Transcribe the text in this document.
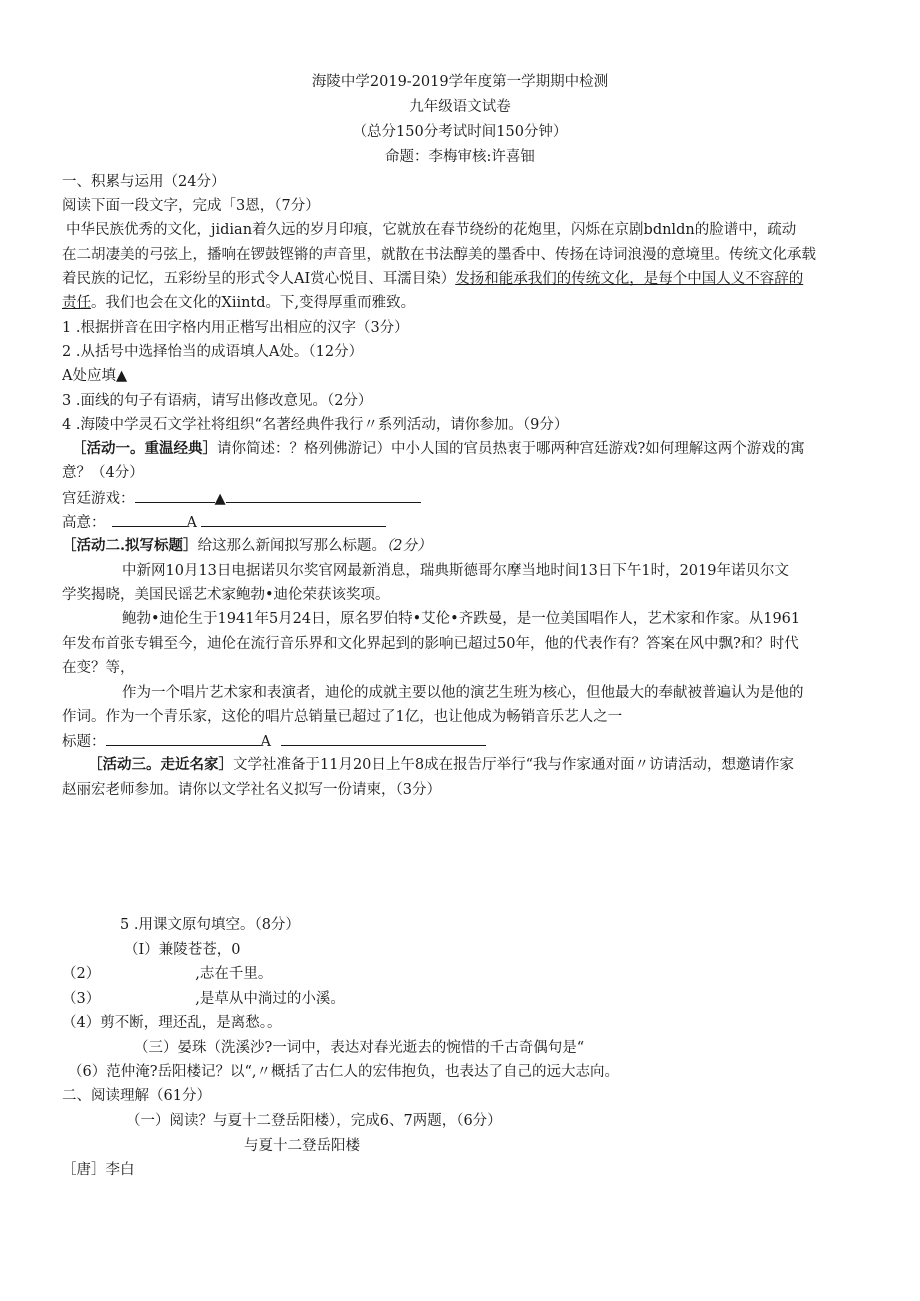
海陵中学2019-2019学年度第一学期期中检测
九年级语文试卷
（总分150分考试时间150分钟）
命题：李梅审核:许喜钿
一、积累与运用（24分）
阅读下面一段文字，完成「3恩，（7分）
中华民族优秀的文化，jidian着久远的岁月印痕，它就放在春节绕纷的花炮里，闪烁在京剧bdnldn的脸谱中，疏动
在二胡凄美的弓弦上，播响在锣鼓铿锵的声音里，就散在书法醇美的墨香中、传扬在诗词浪漫的意境里。传统文化承载
着民族的记忆，五彩纷呈的形式令人AI赏心悦目、耳濡目染）发扬和能承我们的传统文化，是每个中国人义不容辞的
责任。我们也会在文化的Xiintd。下,变得厚重而雅致。
1 .根据拼音在田字格内用正楷写出相应的汉字（3分）
2 .从括号中选择怡当的成语填人A处。（12分）
A处应填▲
3 .面线的句子有语病，请写出修改意见。（2分）
4 .海陵中学灵石文学社将组织“名著经典件我行〃系列活动，请你参加。（9分）
［活动一。重温经典］请你简述：？格列佛游记）中小人国的官员热衷于哪两种宫廷游戏?如何理解这两个游戏的寓
意？（4分）
宫廷游戏：	▲
高意：	A
［活动二.拟写标题］给这那么新闻拟写那么标题。（2分）
中新网10月13日电据诺贝尔奖官网最新消息，瑞典斯德哥尔摩当地时间13日下午1时，2019年诺贝尔文
学奖揭晓，美国民谣艺术家鲍勃•迪伦荣获该奖项。
鲍勃•迪伦生于1941年5月24日，原名罗伯特•艾伦•齐跌曼，是一位美国唱作人，艺术家和作家。从1961
年发布首张专辑至今，迪伦在流行音乐界和文化界起到的影响已超过50年，他的代表作有？答案在风中飘?和？时代
在变？等，
作为一个唱片艺术家和表演者，迪伦的成就主要以他的演艺生班为核心，但他最大的奉献被普遍认为是他的
作词。作为一个青乐家，这伦的唱片总销量已超过了1亿，也让他成为畅销音乐艺人之一
标题：	A
［活动三。走近名家］文学社准备于11月20日上午8成在报告厅举行“我与作家通对面〃访请活动，想邀请作家
赵丽宏老师参加。请你以文学社名义拟写一份请柬，（3分）
5 .用课文原句填空。（8分）
（I）兼陵苍苍，0
（2）	,志在千里。
（3）	,是草从中淌过的小溪。
（4）剪不断，理还乱，是离愁。。
（三）晏珠（洗溪沙?一词中，表达对春光逝去的惋惜的千古奇偶句是“
（6）范仲淹?岳阳楼记？以“,〃概括了古仁人的宏伟抱负，也表达了自己的远大志向。
二、阅读理解（61分）
（一）阅读？与夏十二登岳阳楼），完成6、7两题，（6分）
与夏十二登岳阳楼
［唐］李白
